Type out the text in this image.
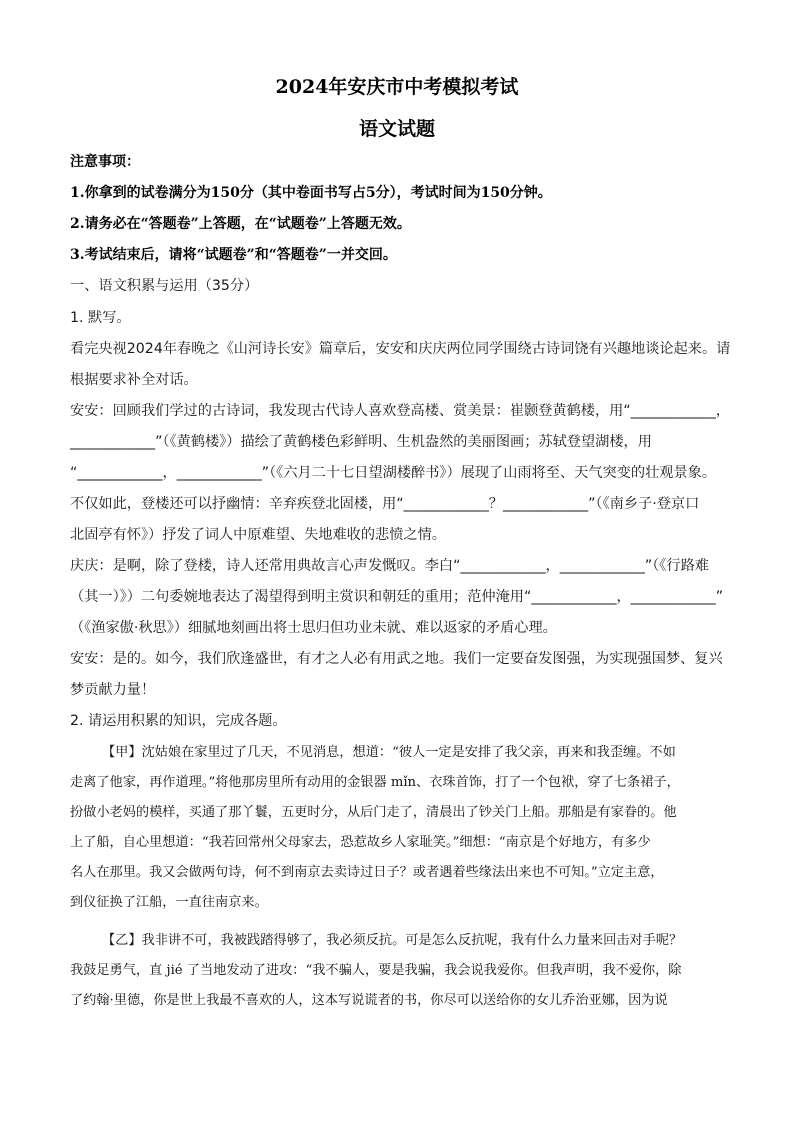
2024年安庆市中考模拟考试
语文试题
注意事项：
1.你拿到的试卷满分为150分（其中卷面书写占5分），考试时间为150分钟。
2.请务必在“答题卷”上答题，在“试题卷”上答题无效。
3.考试结束后，请将“试题卷”和“答题卷”一并交回。
一、语文积累与运用（35分）
1. 默写。
看完央视2024年春晚之《山河诗长安》篇章后，安安和庆庆两位同学围绕古诗词饶有兴趣地谈论起来。请
根据要求补全对话。
安安：回顾我们学过的古诗词，我发现古代诗人喜欢登高楼、赏美景：崔颢登黄鹤楼，用“____________，
____________”（《黄鹤楼》）描绘了黄鹤楼色彩鲜明、生机盎然的美丽图画；苏轼登望湖楼，用
“____________，____________”（《六月二十七日望湖楼醉书》）展现了山雨将至、天气突变的壮观景象。
不仅如此，登楼还可以抒幽情：辛弃疾登北固楼，用“____________？____________”（《南乡子·登京口
北固亭有怀》）抒发了词人中原难望、失地难收的悲愤之情。
庆庆：是啊，除了登楼，诗人还常用典故言心声发慨叹。李白“____________，____________”（《行路难
（其一）》）二句委婉地表达了渴望得到明主赏识和朝廷的重用；范仲淹用“____________，____________”
（《渔家傲·秋思》）细腻地刻画出将士思归但功业未就、难以返家的矛盾心理。
安安：是的。如今，我们欣逢盛世，有才之人必有用武之地。我们一定要奋发图强，为实现强国梦、复兴
梦贡献力量！
2. 请运用积累的知识，完成各题。
【甲】沈姑娘在家里过了几天，不见消息，想道：“彼人一定是安排了我父亲，再来和我歪缠。不如
走离了他家，再作道理。”将他那房里所有动用的金银器 mǐn、衣珠首饰，打了一个包袱，穿了七条裙子，
扮做小老妈的模样，买通了那丫鬟，五更时分，从后门走了，清晨出了钞关门上船。那船是有家眷的。他
上了船，自心里想道：“我若回常州父母家去，恐惹故乡人家耻笑。”细想：“南京是个好地方，有多少
名人在那里。我又会做两句诗，何不到南京去卖诗过日子？或者遇着些缘法出来也不可知。”立定主意，
到仪征换了江船，一直往南京来。
【乙】我非讲不可，我被践踏得够了，我必须反抗。可是怎么反抗呢，我有什么力量来回击对手呢？
我鼓足勇气，直 jié 了当地发动了进攻：“我不骗人，要是我骗，我会说我爱你。但我声明，我不爱你，除
了约翰·里德，你是世上我最不喜欢的人，这本写说谎者的书，你尽可以送给你的女儿乔治亚娜，因为说
